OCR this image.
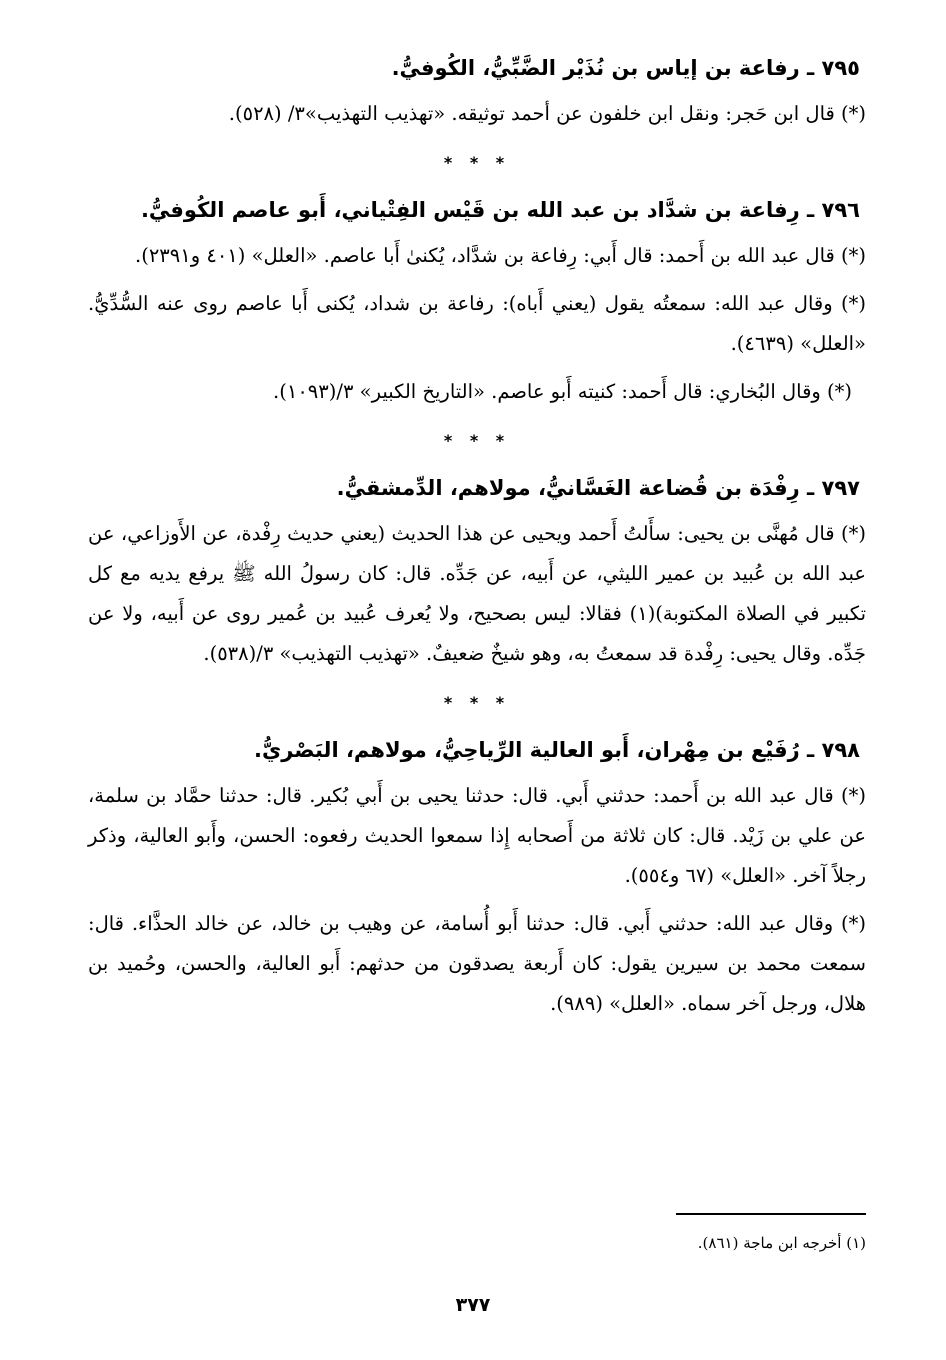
٧٩٥ ـ رفاعة بن إياس بن نُذَيْر الضَّبِّيُّ، الكُوفيُّ.

(*) قال ابن حَجر: ونقل ابن خلفون عن أحمد توثيقه. «تهذيب التهذيب»٣/ (٥٢٨).

* * *
٧٩٦ ـ رِفاعة بن شدَّاد بن عبد الله بن قَيْس الفِتْياني، أَبو عاصم الكُوفيُّ.

(*) قال عبد الله بن أَحمد: قال أَبي: رِفاعة بن شدَّاد، يُكنىٰ أَبا عاصم. «العلل» (٤٠١ و٢٣٩١).

(*) وقال عبد الله: سمعتُه يقول (يعني أَباه): رفاعة بن شداد، يُكنى أَبا عاصم روى عنه السُّدِّيُّ. «العلل» (٤٦٣٩).

(*) وقال البُخاري: قال أَحمد: كنيته أَبو عاصم. «التاريخ الكبير» ٣/(١٠٩٣).

* * *
٧٩٧ ـ رِفْدَة بن قُضاعة الغَسَّانيُّ، مولاهم، الدِّمشقيُّ.

(*) قال مُهنَّى بن يحيى: سأَلتُ أَحمد ويحيى عن هذا الحديث (يعني حديث رِفْدة، عن الأَوزاعي، عن عبد الله بن عُبيد بن عمير الليثي، عن أَبيه، عن جَدِّه. قال: كان رسولُ الله ﷺ يرفع يديه مع كل تكبير في الصلاة المكتوبة)(١) فقالا: ليس بصحيح، ولا يُعرف عُبيد بن عُمير روى عن أَبيه، ولا عن جَدِّه. وقال يحيى: رِفْدة قد سمعتُ به، وهو شيخٌ ضعيفٌ. «تهذيب التهذيب» ٣/(٥٣٨).

* * *
٧٩٨ ـ رُفَيْع بن مِهْران، أَبو العالية الرِّياحِيُّ، مولاهم، البَصْريُّ.

(*) قال عبد الله بن أَحمد: حدثني أَبي. قال: حدثنا يحيى بن أَبي بُكير. قال: حدثنا حمَّاد بن سلمة، عن علي بن زَيْد. قال: كان ثلاثة من أَصحابه إِذا سمعوا الحديث رفعوه: الحسن، وأَبو العالية، وذكر رجلاً آخر. «العلل» (٦٧ و٥٥٤).

(*) وقال عبد الله: حدثني أَبي. قال: حدثنا أَبو أُسامة، عن وهيب بن خالد، عن خالد الحذَّاء. قال: سمعت محمد بن سيرين يقول: كان أَربعة يصدقون من حدثهم: أَبو العالية، والحسن، وحُميد بن هلال، ورجل آخر سماه. «العلل» (٩٨٩).

(١) أخرجه ابن ماجة (٨٦١).
٣٧٧
